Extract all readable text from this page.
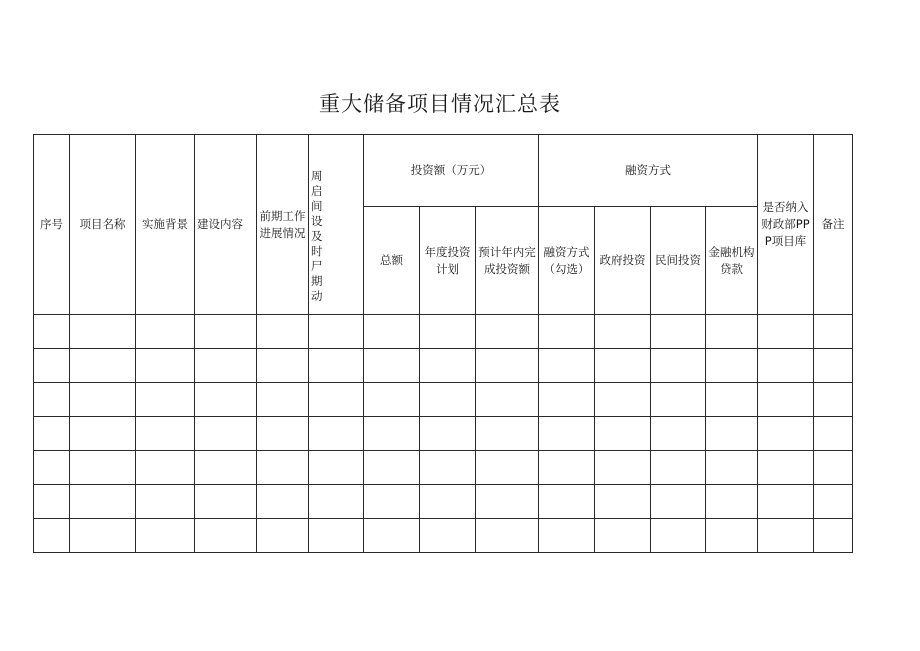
重大储备项目情况汇总表
序号	项目名称	实施背景	建设内容	前期工作进展情况	周启间设及时尸期动	投资额（万元）			融资方式				是否纳入财政部PPP项目库	备注
						总额	年度投资计划	预计年内完成投资额	融资方式（勾选）	政府投资	民间投资	金融机构贷款		
